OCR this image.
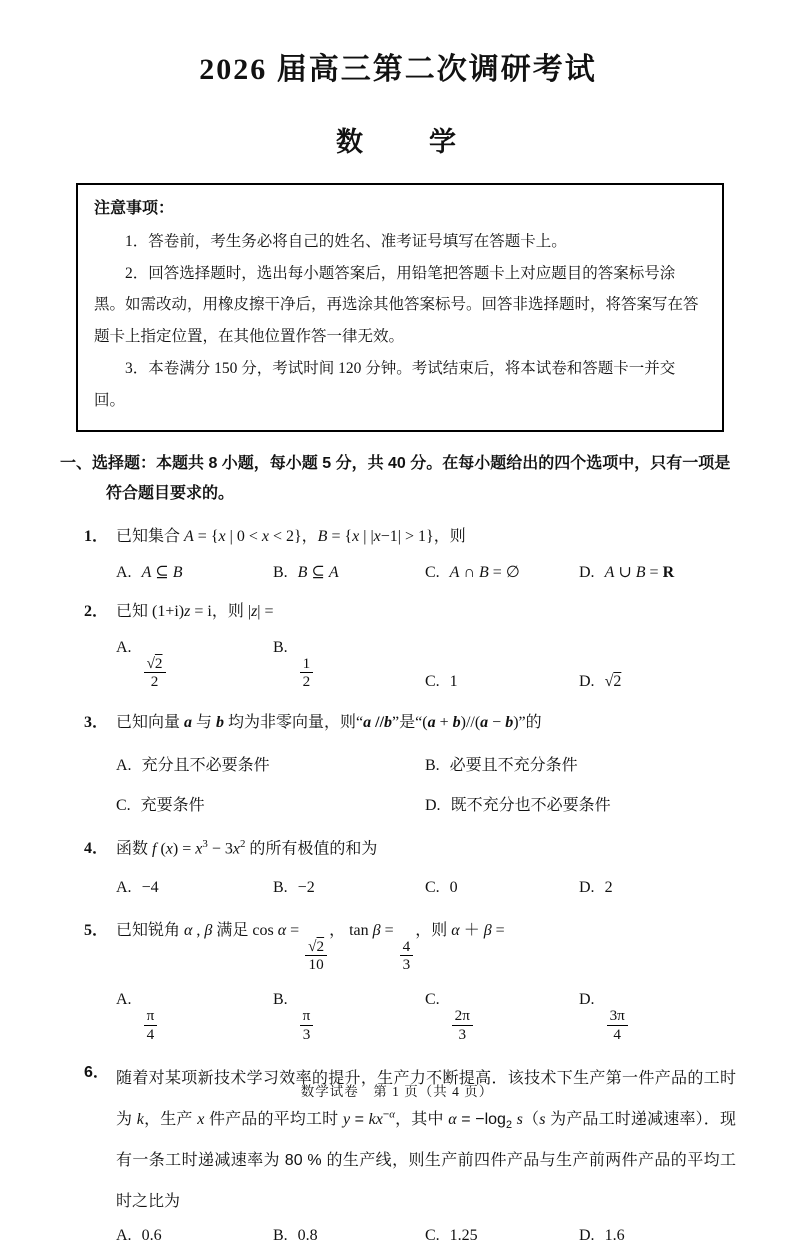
2026 届高三第二次调研考试
数　　学
注意事项：

1．答卷前，考生务必将自己的姓名、准考证号填写在答题卡上。

2．回答选择题时，选出每小题答案后，用铅笔把答题卡上对应题目的答案标号涂黑。如需改动，用橡皮擦干净后，再选涂其他答案标号。回答非选择题时，将答案写在答题卡上指定位置，在其他位置作答一律无效。

3．本卷满分 150 分，考试时间 120 分钟。考试结束后，将本试卷和答题卡一并交回。

一、选择题：本题共 8 小题，每小题 5 分，共 40 分。在每小题给出的四个选项中，只有一项是符合题目要求的。
1． 已知集合 A = {x | 0 < x < 2}，B = {x | |x−1| > 1}，则
A. A ⊆ B	B. B ⊆ A	C. A ∩ B = ∅	D. A ∪ B = R
2． 已知 (1+i)z = i，则 |z| =
A.
$\frac{√2}{2}$
B.
$\frac{1}{2}$	C. 1	D. √2
3． 已知向量 a 与 b 均为非零向量，则“a //b”是“(a + b)//(a − b)”的
A. 充分且不必要条件	B. 必要且不充分条件
C. 充要条件	D. 既不充分也不必要条件
4． 函数 f $(x) = x^3 - 3x^2$ 的所有极值的和为
A. −4	B. −2	C. 0	D. 2
5． 已知锐角 α , β 满足 cos α =
$\frac{√2}{10}$
， tan β =
$\frac{4}{3}$
，则 α ＋ β =
A.
$\frac{\pi}{4}$
B.
$\frac{\pi}{3}$
C.
$\frac{2\pi}{3}$
D.
$\frac{3\pi}{4}$
6． 随着对某项新技术学习效率的提升，生产力不断提高．该技术下生产第一件产品的工时为 k，生产 x 件产品的平均工时 $y = kx^{-\alpha}$，其中 $\alpha = -\log_2$ s（s 为产品工时递减速率）．现有一条工时递减速率为 80 % 的生产线，则生产前四件产品与生产前两件产品的平均工时之比为
A. 0.6	B. 0.8	C. 1.25	D. 1.6
数学试卷　第 1 页（共 4 页）
